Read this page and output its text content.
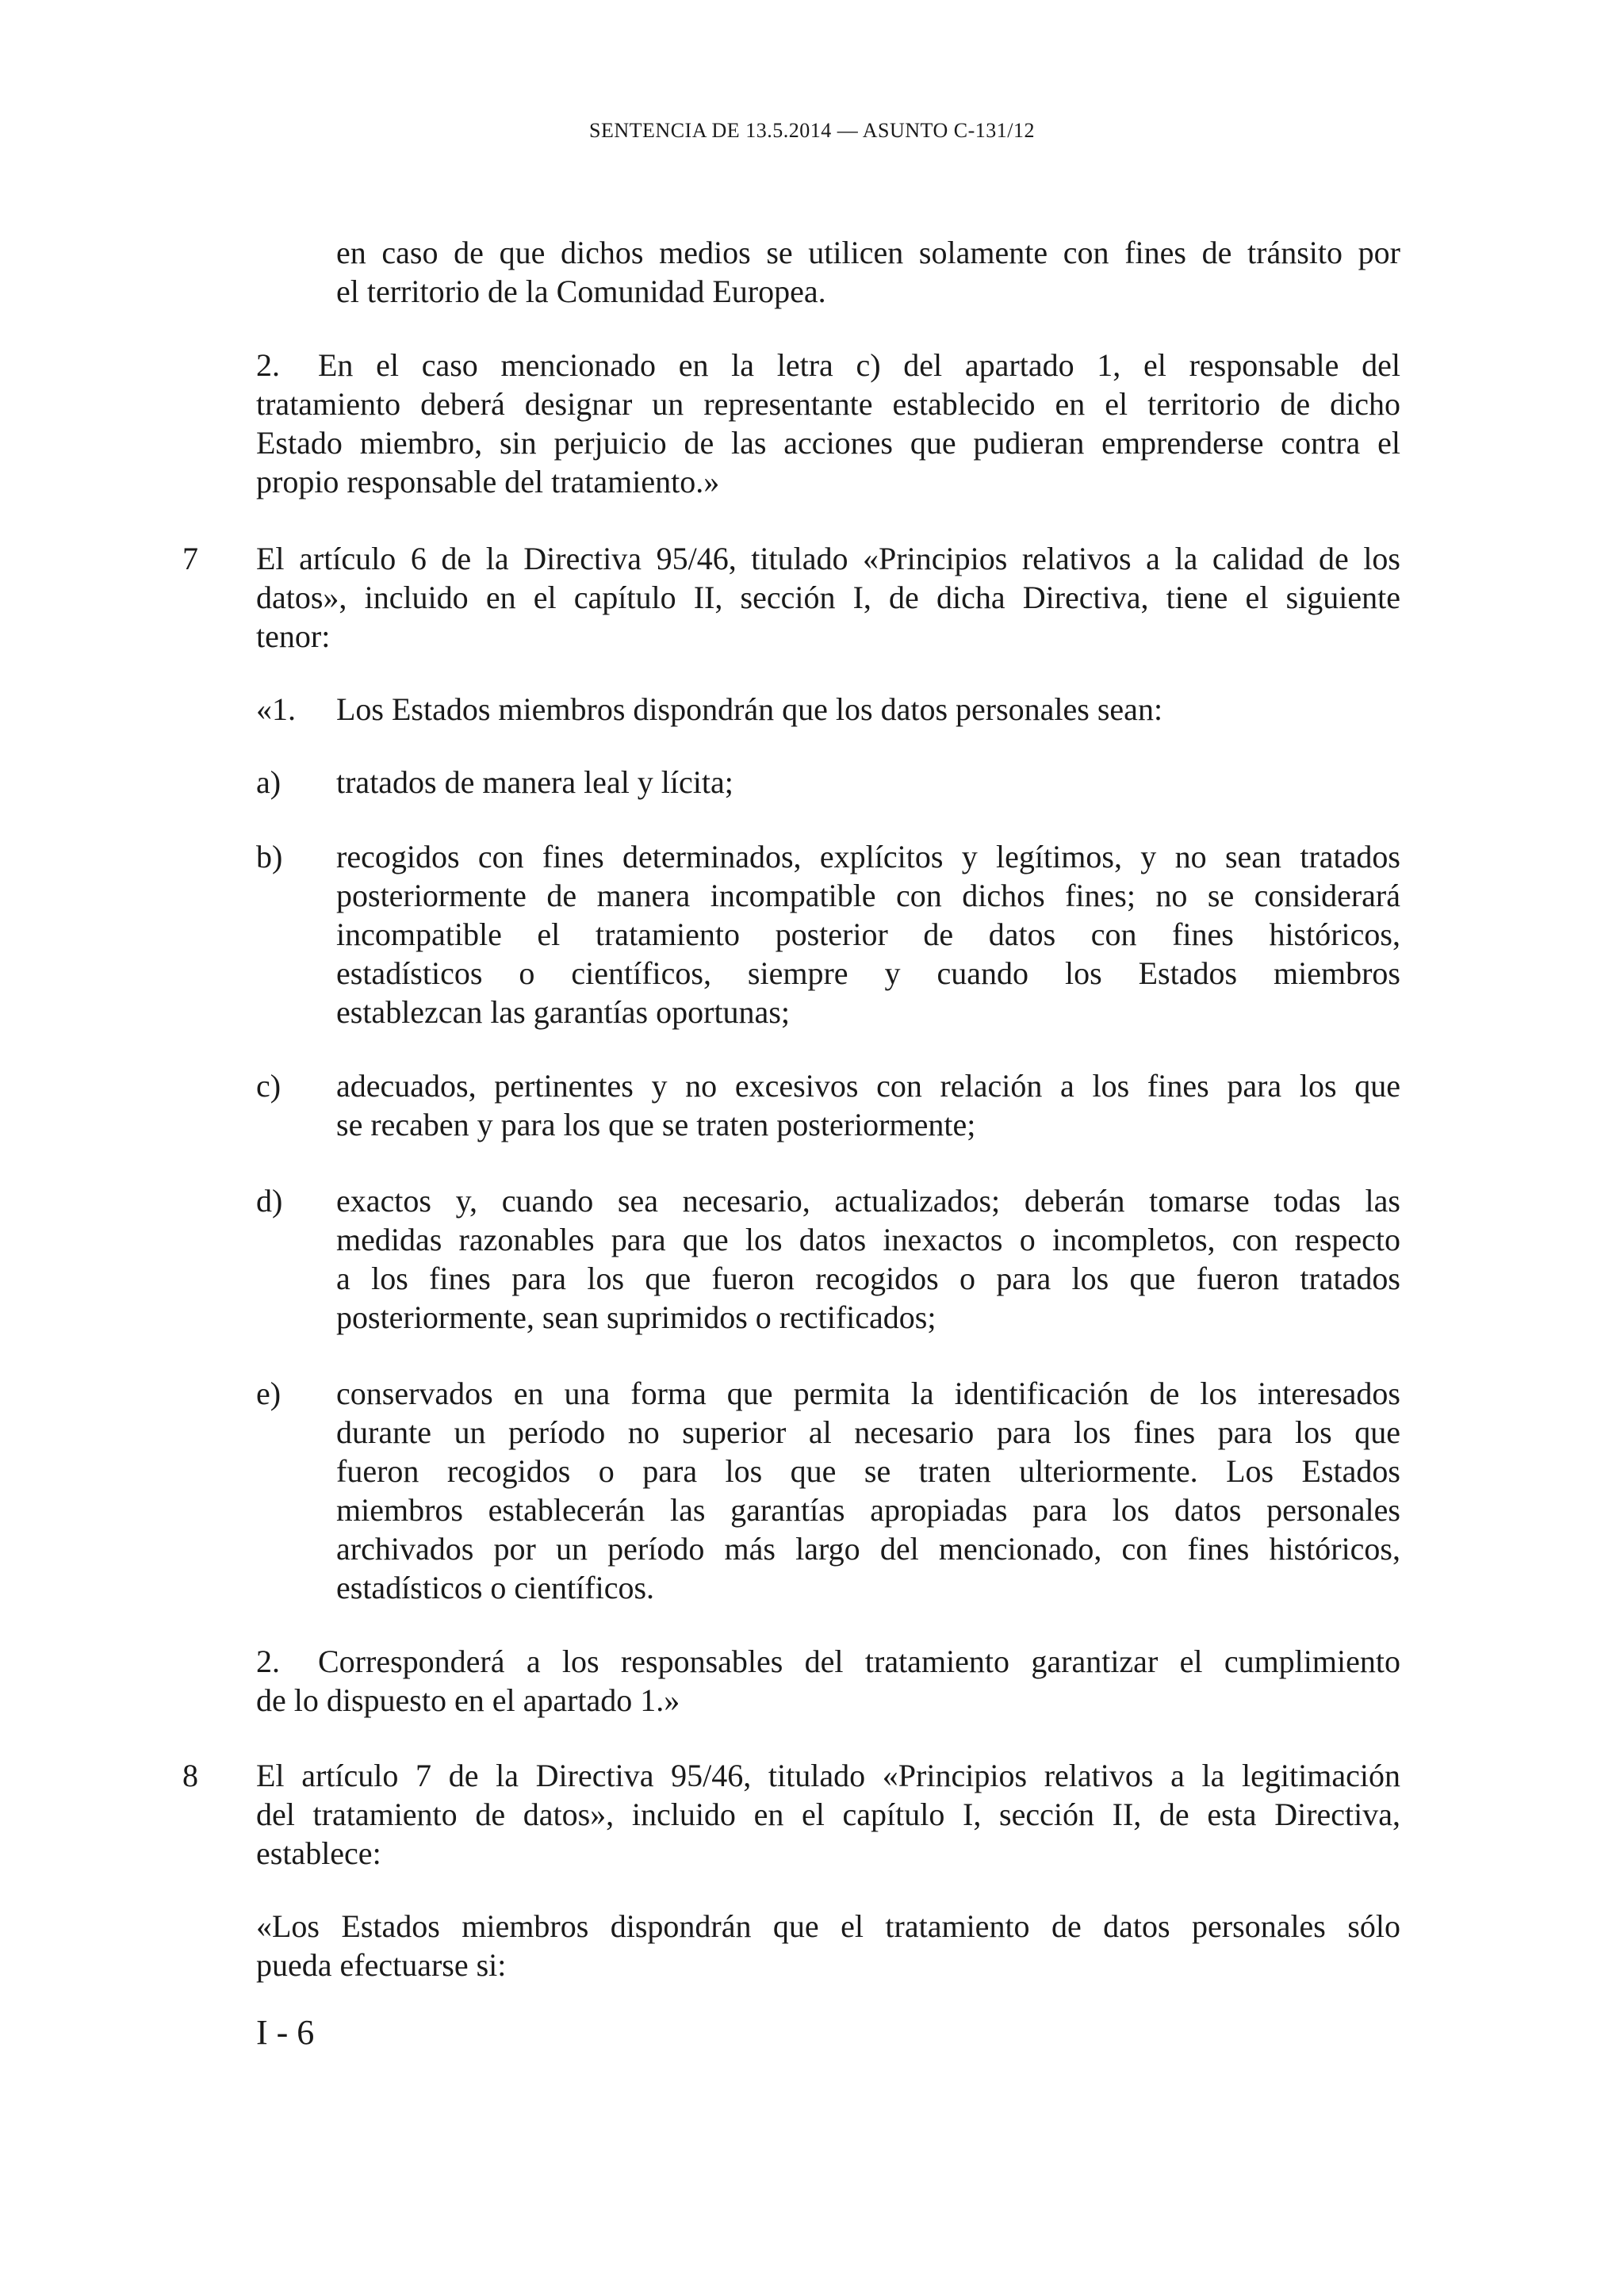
SENTENCIA DE 13.5.2014 — ASUNTO C-131/12
en caso de que dichos medios se utilicen solamente con fines de tránsito por
el territorio de la Comunidad Europea.
2. En el caso mencionado en la letra c) del apartado 1, el responsable del
tratamiento deberá designar un representante establecido en el territorio de dicho
Estado miembro, sin perjuicio de las acciones que pudieran emprenderse contra el
propio responsable del tratamiento.»
7 El artículo 6 de la Directiva 95/46, titulado «Principios relativos a la calidad de los
datos», incluido en el capítulo II, sección I, de dicha Directiva, tiene el siguiente
tenor:
«1. Los Estados miembros dispondrán que los datos personales sean:
a) tratados de manera leal y lícita;
b) recogidos con fines determinados, explícitos y legítimos, y no sean tratados
posteriormente de manera incompatible con dichos fines; no se considerará
incompatible el tratamiento posterior de datos con fines históricos,
estadísticos o científicos, siempre y cuando los Estados miembros
establezcan las garantías oportunas;
c) adecuados, pertinentes y no excesivos con relación a los fines para los que
se recaben y para los que se traten posteriormente;
d) exactos y, cuando sea necesario, actualizados; deberán tomarse todas las
medidas razonables para que los datos inexactos o incompletos, con respecto
a los fines para los que fueron recogidos o para los que fueron tratados
posteriormente, sean suprimidos o rectificados;
e) conservados en una forma que permita la identificación de los interesados
durante un período no superior al necesario para los fines para los que
fueron recogidos o para los que se traten ulteriormente. Los Estados
miembros establecerán las garantías apropiadas para los datos personales
archivados por un período más largo del mencionado, con fines históricos,
estadísticos o científicos.
2. Corresponderá a los responsables del tratamiento garantizar el cumplimiento
de lo dispuesto en el apartado 1.»
8 El artículo 7 de la Directiva 95/46, titulado «Principios relativos a la legitimación
del tratamiento de datos», incluido en el capítulo I, sección II, de esta Directiva,
establece:
«Los Estados miembros dispondrán que el tratamiento de datos personales sólo
pueda efectuarse si:
I - 6
